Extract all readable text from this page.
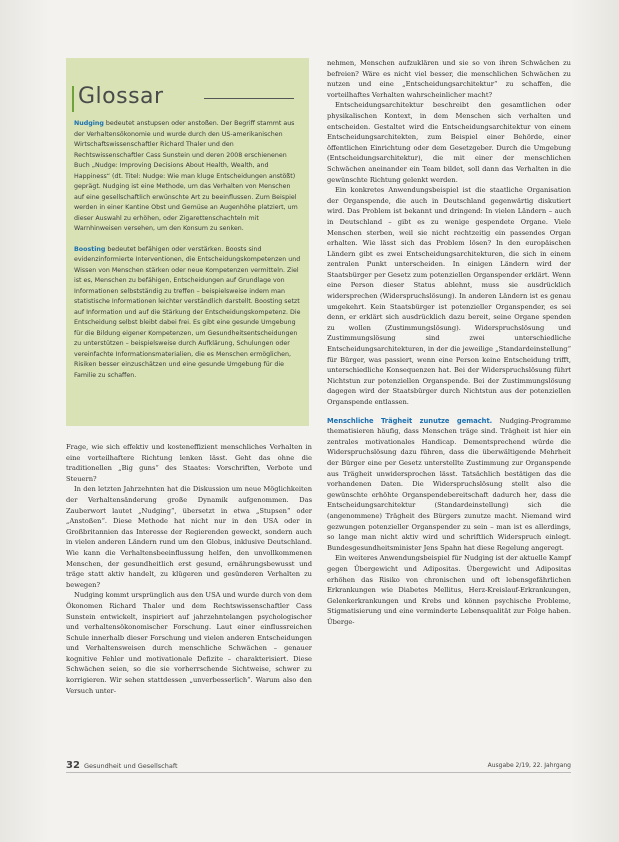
Glossar

Nudging bedeutet anstupsen oder anstoßen. Der Begriff stammt aus der Verhaltensökonomie und wurde durch den US-amerikanischen Wirtschaftswissenschaftler Richard Thaler und den Rechtswissenschaftler Cass Sunstein und deren 2008 erschienenen Buch „Nudge: Improving Decisions About Health, Wealth, and Happiness“ (dt. Titel: Nudge: Wie man kluge Entscheidungen anstößt) geprägt. Nudging ist eine Methode, um das Verhalten von Menschen auf eine gesellschaftlich erwünschte Art zu beeinflussen. Zum Beispiel werden in einer Kantine Obst und Gemüse an Augenhöhe platziert, um dieser Auswahl zu erhöhen, oder Zigarettenschachteln mit Warnhinweisen versehen, um den Konsum zu senken.

Boosting bedeutet befähigen oder verstärken. Boosts sind evidenzinformierte Interventionen, die Entscheidungskompetenzen und Wissen von Menschen stärken oder neue Kompetenzen vermitteln. Ziel ist es, Menschen zu befähigen, Entscheidungen auf Grundlage von Informationen selbstständig zu treffen – beispielsweise indem man statistische Informationen leichter verständlich darstellt. Boosting setzt auf Information und auf die Stärkung der Entscheidungskompetenz. Die Entscheidung selbst bleibt dabei frei. Es gibt eine gesunde Umgebung für die Bildung eigener Kompetenzen, um Gesundheitsentscheidungen zu unterstützen – beispielsweise durch Aufklärung, Schulungen oder vereinfachte Informationsmaterialien, die es Menschen ermöglichen, Risiken besser einzuschätzen und eine gesunde Umgebung für die Familie zu schaffen.

Frage, wie sich effektiv und kosteneffizient menschliches Verhalten in eine vorteilhaftere Richtung lenken lässt. Geht das ohne die traditionellen „Big guns“ des Staates: Vorschriften, Verbote und Steuern?

In den letzten Jahrzehnten hat die Diskussion um neue Möglichkeiten der Verhaltensänderung große Dynamik aufgenommen. Das Zauberwort lautet „Nudging“, übersetzt in etwa „Stupsen“ oder „Anstoßen“. Diese Methode hat nicht nur in den USA oder in Großbritannien das Interesse der Regierenden geweckt, sondern auch in vielen anderen Ländern rund um den Globus, inklusive Deutschland. Wie kann die Verhaltensbeeinflussung helfen, den unvollkommenen Menschen, der gesundheitlich erst gesund, ernährungsbewusst und träge statt aktiv handelt, zu klügeren und gesünderen Verhalten zu bewegen?

Nudging kommt ursprünglich aus den USA und wurde durch von dem Ökonomen Richard Thaler und dem Rechtswissenschaftler Cass Sunstein entwickelt, inspiriert auf jahrzehntelangen psychologischer und verhaltensökonomischer Forschung. Laut einer einflussreichen Schule innerhalb dieser Forschung und vielen anderen Entscheidungen und Verhaltensweisen durch menschliche Schwächen – genauer kognitive Fehler und motivationale Defizite – charakterisiert. Diese Schwächen seien, so die sie vorherrschende Sichtweise, schwer zu korrigieren. Wir sehen stattdessen „unverbesserlich“. Warum also den Versuch unter-

nehmen, Menschen aufzuklären und sie so von ihren Schwächen zu befreien? Wäre es nicht viel besser, die menschlichen Schwächen zu nutzen und eine „Entscheidungsarchitektur“ zu schaffen, die vorteilhaftes Verhalten wahrscheinlicher macht?

Entscheidungsarchitektur beschreibt den gesamtlichen oder physikalischen Kontext, in dem Menschen sich verhalten und entscheiden. Gestaltet wird die Entscheidungsarchitektur von einem Entscheidungsarchitekten, zum Beispiel einer Behörde, einer öffentlichen Einrichtung oder dem Gesetzgeber. Durch die Umgebung (Entscheidungsarchitektur), die mit einer der menschlichen Schwächen aneinander ein Team bildet, soll dann das Verhalten in die gewünschte Richtung gelenkt werden.

Ein konkretes Anwendungsbeispiel ist die staatliche Organisation der Organspende, die auch in Deutschland gegenwärtig diskutiert wird. Das Problem ist bekannt und dringend: In vielen Ländern – auch in Deutschland – gibt es zu wenige gespendete Organe. Viele Menschen sterben, weil sie nicht rechtzeitig ein passendes Organ erhalten. Wie lässt sich das Problem lösen? In den europäischen Ländern gibt es zwei Entscheidungsarchitekturen, die sich in einem zentralen Punkt unterscheiden. In einigen Ländern wird der Staatsbürger per Gesetz zum potenziellen Organspender erklärt. Wenn eine Person dieser Status ablehnt, muss sie ausdrücklich widersprechen (Widerspruchslösung). In anderen Ländern ist es genau umgekehrt. Kein Staatsbürger ist potenzieller Organspender, es sei denn, er erklärt sich ausdrücklich dazu bereit, seine Organe spenden zu wollen (Zustimmungslösung). Widerspruchslösung und Zustimmungslösung sind zwei unterschiedliche Entscheidungsarchitekturen, in der die jeweilige „Standardeinstellung“ für Bürger, was passiert, wenn eine Person keine Entscheidung trifft, unterschiedliche Konsequenzen hat. Bei der Widerspruchslösung führt Nichtstun zur potenziellen Organspende. Bei der Zustimmungslösung dagegen wird der Staatsbürger durch Nichtstun aus der potenziellen Organspende entlassen.

Menschliche Trägheit zunutze gemacht. Nudging-Programme thematisieren häufig, dass Menschen träge sind. Trägheit ist hier ein zentrales motivationales Handicap. Dementsprechend würde die Widerspruchslösung dazu führen, dass die überwältigende Mehrheit der Bürger eine per Gesetz unterstellte Zustimmung zur Organspende aus Trägheit unwidersprochen lässt. Tatsächlich bestätigen das die vorhandenen Daten. Die Widerspruchslösung stellt also die gewünschte erhöhte Organspendebereitschaft dadurch her, dass die Entscheidungsarchitektur (Standardeinstellung) sich die (angenommene) Trägheit des Bürgers zunutze macht. Niemand wird gezwungen potenzieller Organspender zu sein – man ist es allerdings, so lange man nicht aktiv wird und schriftlich Widerspruch einlegt. Bundesgesundheitsminister Jens Spahn hat diese Regelung angeregt.

Ein weiteres Anwendungsbeispiel für Nudging ist der aktuelle Kampf gegen Übergewicht und Adipositas. Übergewicht und Adipositas erhöhen das Risiko von chronischen und oft lebensgefährlichen Erkrankungen wie Diabetes Mellitus, Herz-Kreislauf-Erkrankungen, Gelenkerkrankungen und Krebs und können psychische Probleme, Stigmatisierung und eine verminderte Lebensqualität zur Folge haben. Überge-

32 Gesundheit und Gesellschaft	Ausgabe 2/19, 22. Jahrgang
